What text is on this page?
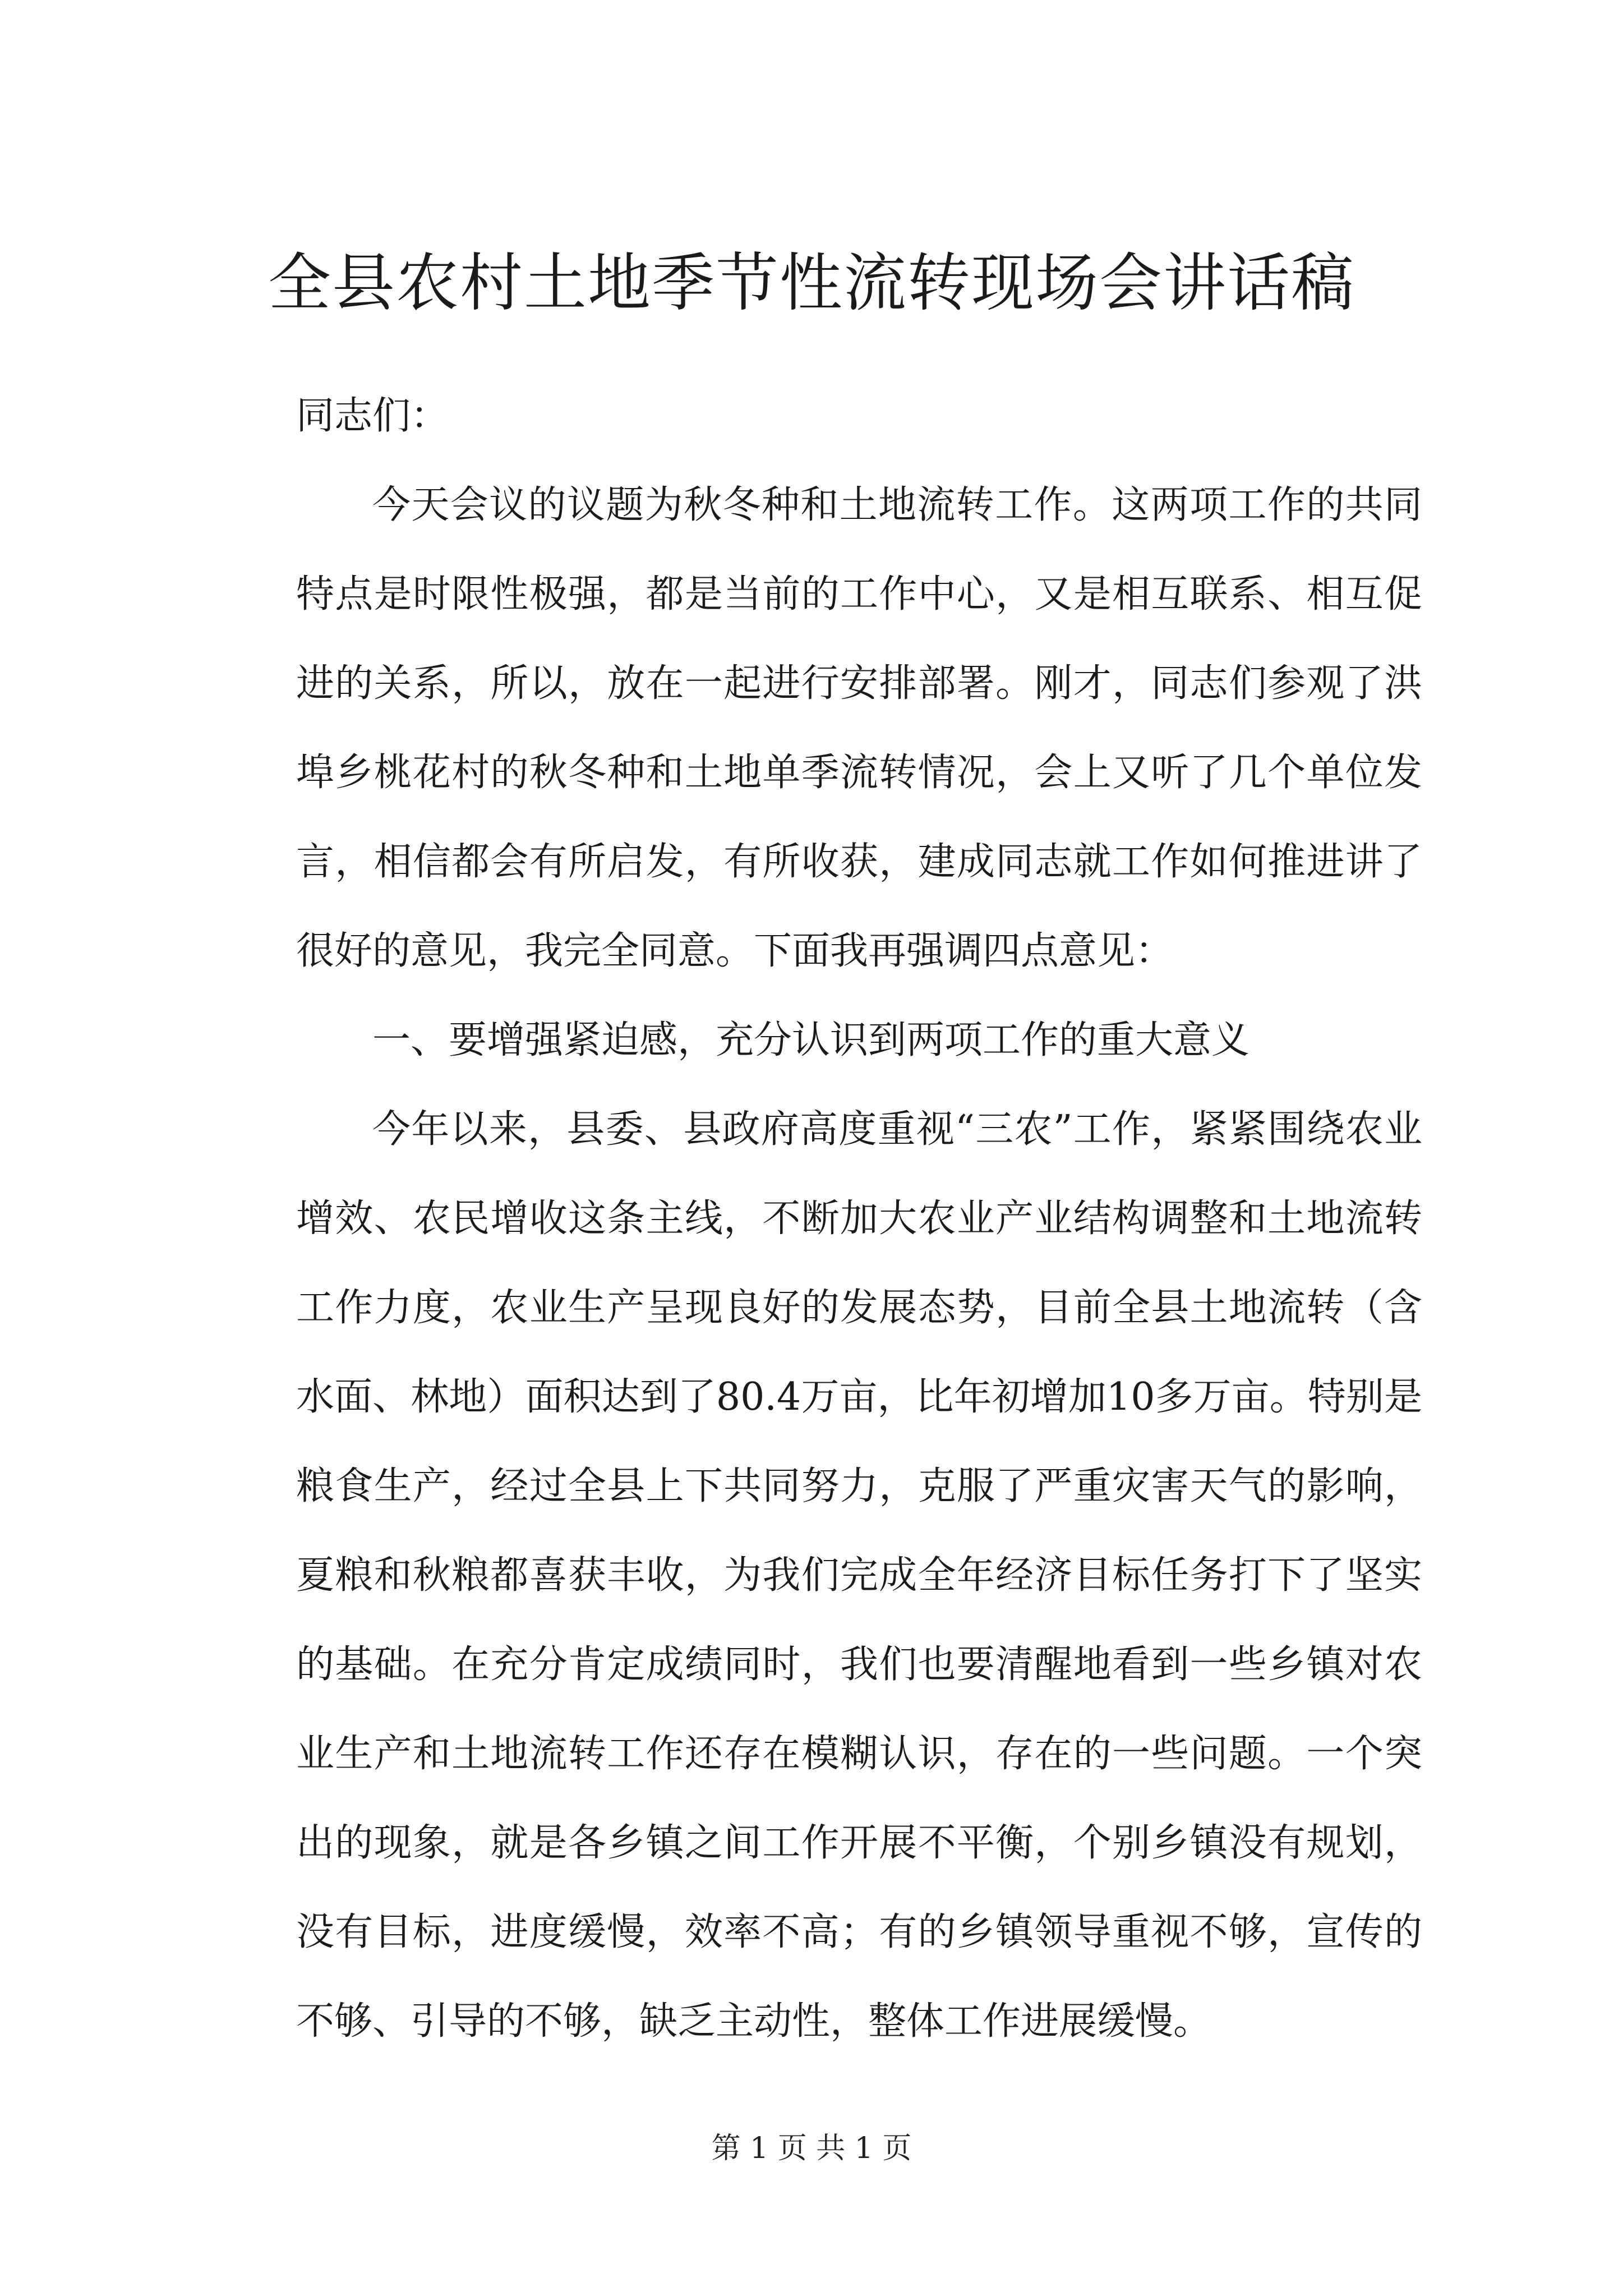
全县农村土地季节性流转现场会讲话稿

同志们：

今天会议的议题为秋冬种和土地流转工作。这两项工作的共同特点是时限性极强，都是当前的工作中心，又是相互联系、相互促进的关系，所以，放在一起进行安排部署。刚才，同志们参观了洪埠乡桃花村的秋冬种和土地单季流转情况，会上又听了几个单位发言，相信都会有所启发，有所收获，建成同志就工作如何推进讲了很好的意见，我完全同意。下面我再强调四点意见：

一、要增强紧迫感，充分认识到两项工作的重大意义

今年以来，县委、县政府高度重视“三农”工作，紧紧围绕农业增效、农民增收这条主线，不断加大农业产业结构调整和土地流转工作力度，农业生产呈现良好的发展态势，目前全县土地流转（含水面、林地）面积达到了80.4万亩，比年初增加10多万亩。特别是粮食生产，经过全县上下共同努力，克服了严重灾害天气的影响，夏粮和秋粮都喜获丰收，为我们完成全年经济目标任务打下了坚实的基础。在充分肯定成绩同时，我们也要清醒地看到一些乡镇对农业生产和土地流转工作还存在模糊认识，存在的一些问题。一个突出的现象，就是各乡镇之间工作开展不平衡，个别乡镇没有规划，没有目标，进度缓慢，效率不高；有的乡镇领导重视不够，宣传的不够、引导的不够，缺乏主动性，整体工作进展缓慢。

第 1 页 共 1 页
